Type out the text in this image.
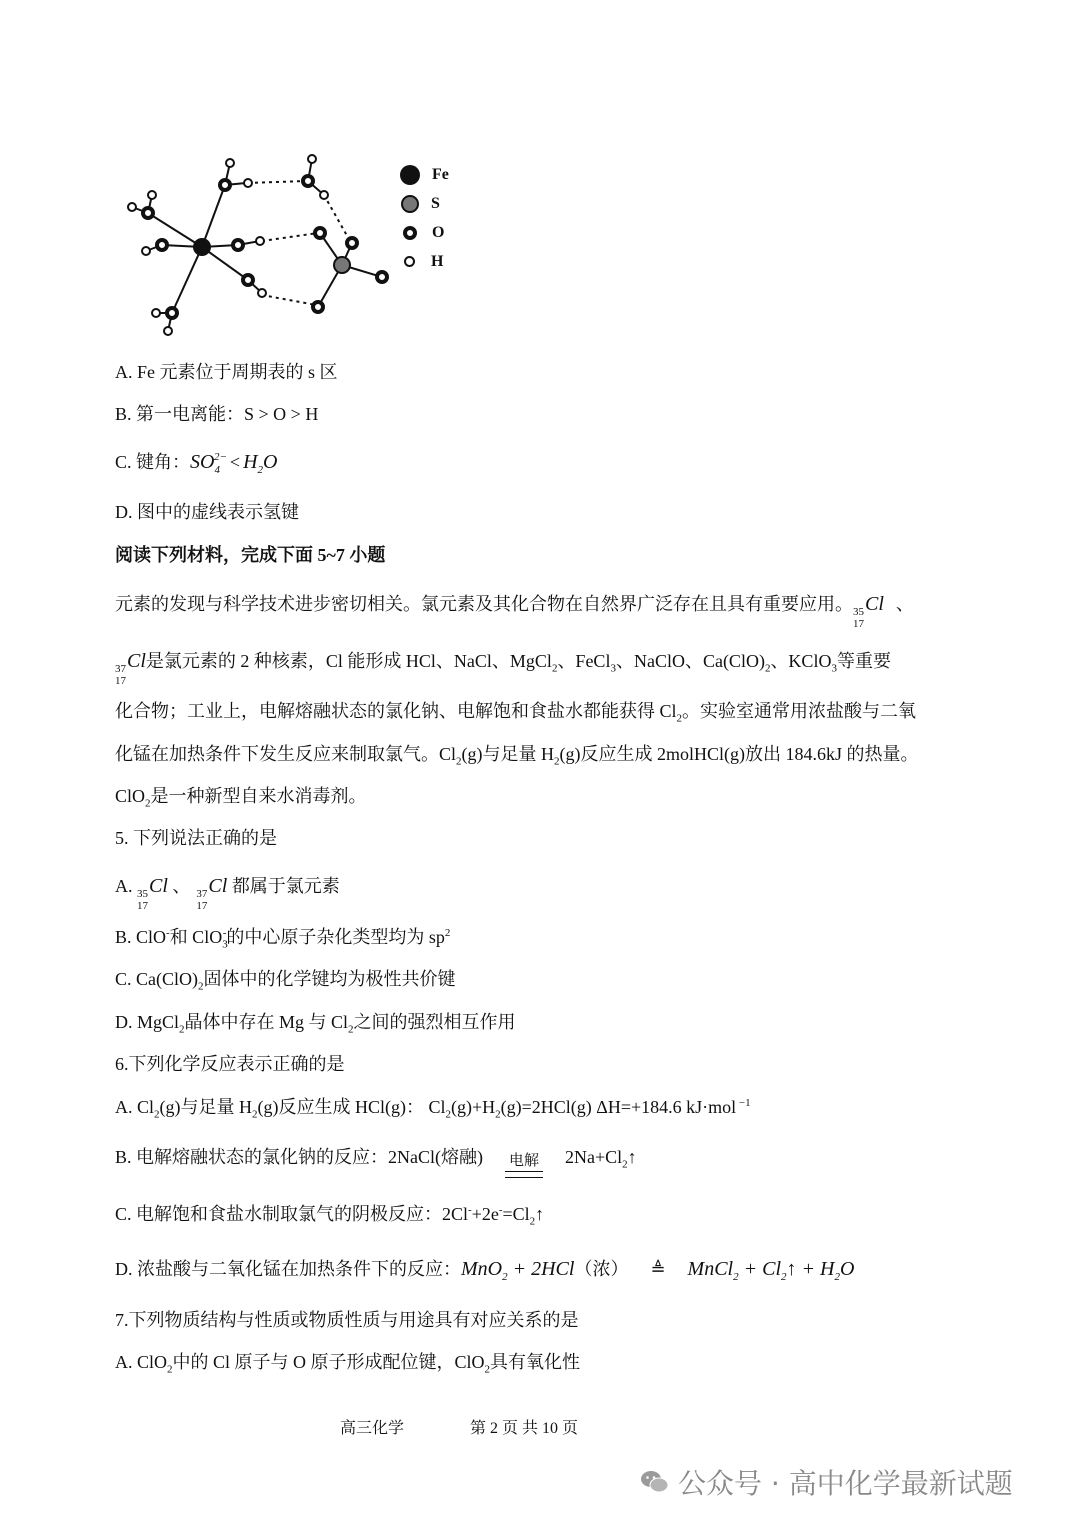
Fe
S
O
H
A. Fe 元素位于周期表的 s 区
B. 第一电离能：S > O > H
C. 键角：$SO_4^{2-} < H_2O$
D. 图中的虚线表示氢键
阅读下列材料，完成下面 5~7 小题
元素的发现与科学技术进步密切相关。氯元素及其化合物在自然界广泛存在且具有重要应用。 35
17
Cl 、
37
17
Cl是氯元素的 2 种核素，Cl 能形成 HCl、NaCl、MgCl$_2$、FeCl$_3$、NaClO、$Ca(ClO)_2$、KClO$_3$等重要
化合物；工业上，电解熔融状态的氯化钠、电解饱和食盐水都能获得 $Cl_2$。实验室通常用浓盐酸与二氧
化锰在加热条件下发生反应来制取氯气。$Cl_2(g)$与足量 $H_2(g)$反应生成 2molHCl(g)放出 184.6kJ 的热量。
ClO$_2$是一种新型自来水消毒剂。
5. 下列说法正确的是
A. 35
17
Cl 、 37
17
Cl 都属于氯元素
B. ClO-和 ClO$_3$-的中心原子杂化类型均为 $sp^2$
C. $Ca(ClO)_2$固体中的化学键均为极性共价键
D. MgCl$_2$晶体中存在 Mg 与 $Cl_2$之间的强烈相互作用
6.下列化学反应表示正确的是
A. $Cl_2(g)$与足量 $H_2(g)$反应生成 HCl(g)： $Cl_2(g)+H_2(g)=2HCl(g)$ ΔH=+184.6 kJ·mol $^{-1}$
B. 电解熔融状态的氯化钠的反应：2NaCl(熔融) 电解 $2Na+Cl_2↑$
C. 电解饱和食盐水制取氯气的阴极反应：$2Cl^-+2e^-=Cl_2↑$
D. 浓盐酸与二氧化锰在加热条件下的反应：MnO$_2$ + 2HCl（浓） ≜ MnCl$_2$ + $Cl_2↑ + H_2O$
7.下列物质结构与性质或物质性质与用途具有对应关系的是
A. ClO$_2$中的 Cl 原子与 O 原子形成配位键，ClO$_2$具有氧化性
高三化学	第 2 页 共 10 页
公众号 · 高中化学最新试题
